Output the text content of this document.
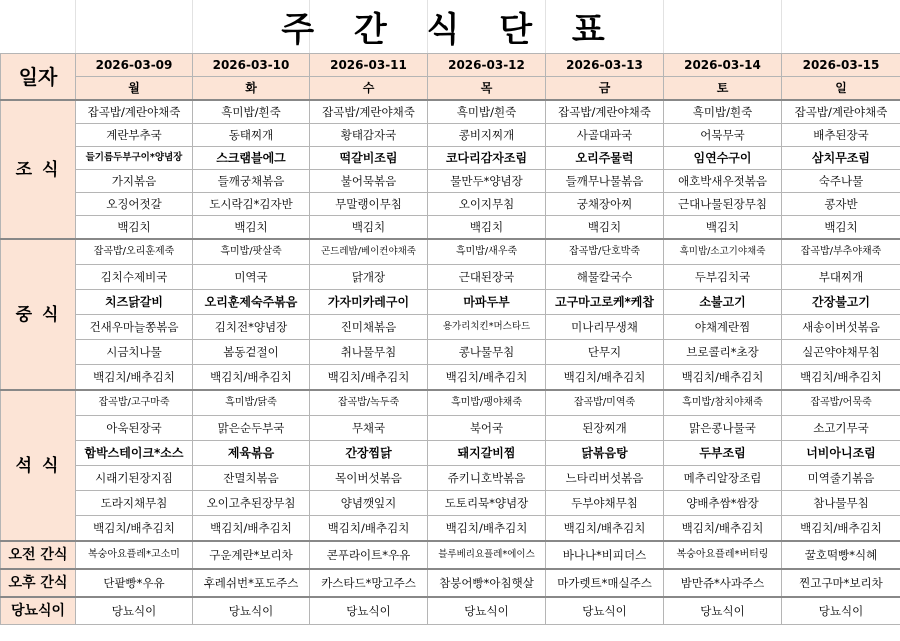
주 간 식 단 표
일자	2026-03-09	2026-03-10	2026-03-11	2026-03-12	2026-03-13	2026-03-14	2026-03-15
	월	화	수	목	금	토	일
조 식	잡곡밥/계란야채죽	흑미밥/흰죽	잡곡밥/계란야채죽	흑미밥/흰죽	잡곡밥/계란야채죽	흑미밥/흰죽	잡곡밥/계란야채죽
	계란부추국	동태찌개	황태감자국	콩비지찌개	사골대파국	어묵무국	배추된장국
	들기름두부구이*양념장	스크램블에그	떡갈비조림	코다리감자조림	오리주물럭	임연수구이	삼치무조림
	가지볶음	들깨궁채볶음	불어묵볶음	물만두*양념장	들깨무나물볶음	애호박새우젓볶음	숙주나물
	오징어젓갈	도시락김*김자반	무말랭이무침	오이지무침	궁채장아찌	근대나물된장무침	콩자반
	백김치	백김치	백김치	백김치	백김치	백김치	백김치
중 식	잡곡밥/오리훈제죽	흑미밥/팟살죽	곤드레밥/베이컨야채죽	흑미밥/새우죽	잡곡밥/단호박죽	흑미밥/소고기야채죽	잡곡밥/부추야채죽
	김치수제비국	미역국	닭개장	근대된장국	해물칼국수	두부김치국	부대찌개
	치즈닭갈비	오리훈제숙주볶음	가자미카레구이	마파두부	고구마고로케*케찹	소불고기	간장불고기
	건새우마늘쫑볶음	김치전*양념장	진미채볶음	용가리치킨*머스타드	미나리무생채	야채계란찜	새송이버섯볶음
	시금치나물	봄동겉절이	취나물무침	콩나물무침	단무지	브로콜리*초장	실곤약야채무침
	백김치/배추김치	백김치/배추김치	백김치/배추김치	백김치/배추김치	백김치/배추김치	백김치/배추김치	백김치/배추김치
석 식	잡곡밥/고구마죽	흑미밥/닭죽	잡곡밥/녹두죽	흑미밥/팽야채죽	잡곡밥/미역죽	흑미밥/참치야채죽	잡곡밥/어묵죽
	아욱된장국	맑은순두부국	무채국	북어국	된장찌개	맑은콩나물국	소고기무국
	함박스테이크*소스	제육볶음	간장찜닭	돼지갈비찜	닭볶음탕	두부조림	너비아니조림
	시래기된장지짐	잔멸치볶음	목이버섯볶음	쥬키니호박볶음	느타리버섯볶음	메추리알장조림	미역줄기볶음
	도라지채무침	오이고추된장무침	양념깻잎지	도토리묵*양념장	두부야채무침	양배추쌈*쌈장	참나물무침
	백김치/배추김치	백김치/배추김치	백김치/배추김치	백김치/배추김치	백김치/배추김치	백김치/배추김치	백김치/배추김치
오전 간식	복숭아요플레*고소미	구운계란*보리차	콘푸라이트*우유	블루베리요플레*에이스	바나나*비피더스	복숭아요플레*버터링	꿀호떡빵*식혜
오후 간식	단팥빵*우유	후레쉬번*포도주스	카스타드*망고주스	참붕어빵*아침햇살	마가렛트*매실주스	밤만쥬*사과주스	찐고구마*보리차
당뇨식이	당뇨식이	당뇨식이	당뇨식이	당뇨식이	당뇨식이	당뇨식이	당뇨식이
